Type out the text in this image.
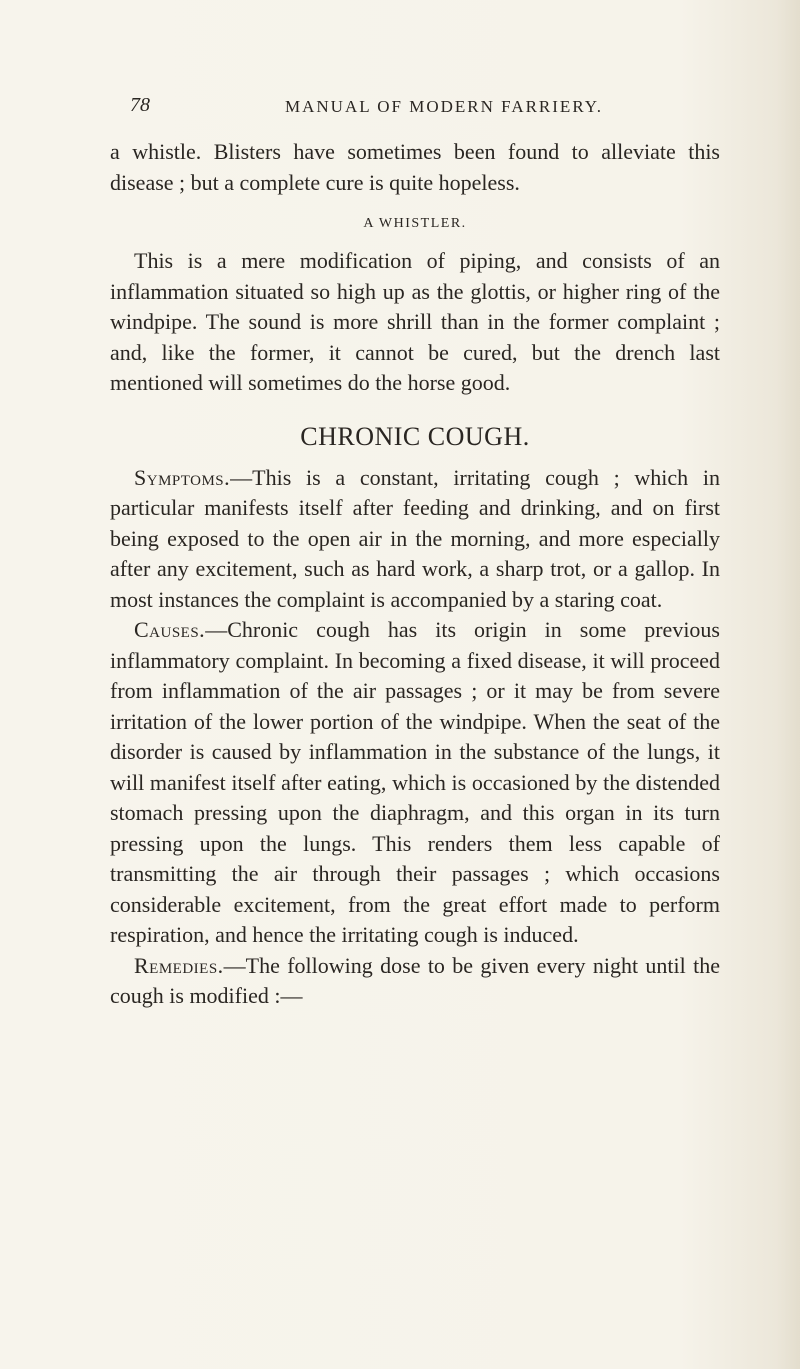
78	MANUAL OF MODERN FARRIERY.

a whistle. Blisters have sometimes been found to alleviate this disease ; but a complete cure is quite hopeless.

A WHISTLER.

This is a mere modification of piping, and consists of an inflammation situated so high up as the glottis, or higher ring of the windpipe. The sound is more shrill than in the former complaint ; and, like the former, it cannot be cured, but the drench last mentioned will sometimes do the horse good.

CHRONIC COUGH.

Symptoms.—This is a constant, irritating cough ; which in particular manifests itself after feeding and drinking, and on first being exposed to the open air in the morning, and more especially after any excitement, such as hard work, a sharp trot, or a gallop. In most instances the complaint is accompanied by a staring coat.

Causes.—Chronic cough has its origin in some previous inflammatory complaint. In becoming a fixed disease, it will proceed from inflammation of the air passages ; or it may be from severe irritation of the lower portion of the windpipe. When the seat of the disorder is caused by inflammation in the substance of the lungs, it will manifest itself after eating, which is occasioned by the distended stomach pressing upon the diaphragm, and this organ in its turn pressing upon the lungs. This renders them less capable of transmitting the air through their passages ; which occasions considerable excitement, from the great effort made to perform respiration, and hence the irritating cough is induced.

Remedies.—The following dose to be given every night until the cough is modified :—
